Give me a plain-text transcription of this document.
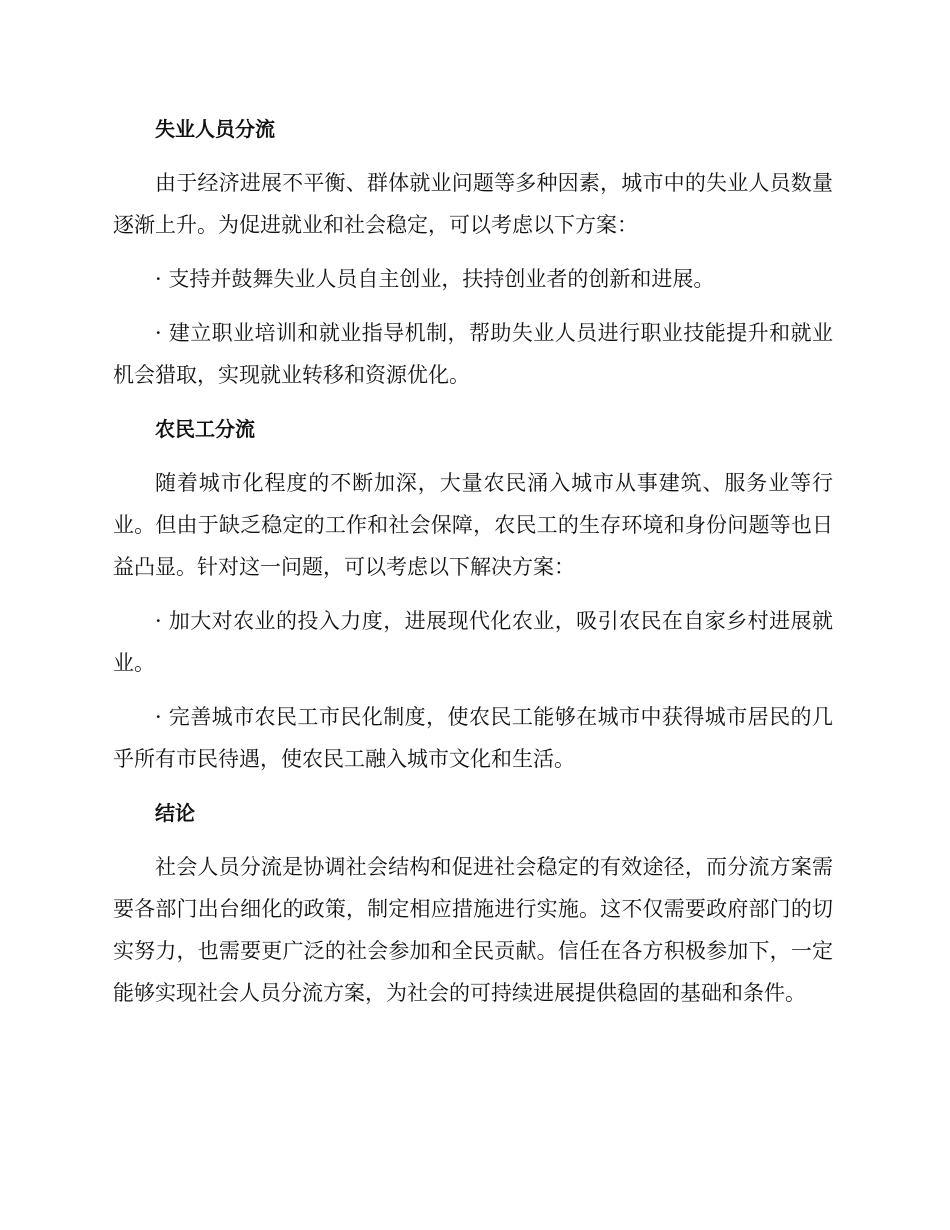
失业人员分流

由于经济进展不平衡、群体就业问题等多种因素，城市中的失业人员数量逐渐上升。为促进就业和社会稳定，可以考虑以下方案：

· 支持并鼓舞失业人员自主创业，扶持创业者的创新和进展。

· 建立职业培训和就业指导机制，帮助失业人员进行职业技能提升和就业机会猎取，实现就业转移和资源优化。

农民工分流

随着城市化程度的不断加深，大量农民涌入城市从事建筑、服务业等行业。但由于缺乏稳定的工作和社会保障，农民工的生存环境和身份问题等也日益凸显。针对这一问题，可以考虑以下解决方案：

· 加大对农业的投入力度，进展现代化农业，吸引农民在自家乡村进展就业。

· 完善城市农民工市民化制度，使农民工能够在城市中获得城市居民的几乎所有市民待遇，使农民工融入城市文化和生活。

结论

社会人员分流是协调社会结构和促进社会稳定的有效途径，而分流方案需要各部门出台细化的政策，制定相应措施进行实施。这不仅需要政府部门的切实努力，也需要更广泛的社会参加和全民贡献。信任在各方积极参加下，一定能够实现社会人员分流方案，为社会的可持续进展提供稳固的基础和条件。
